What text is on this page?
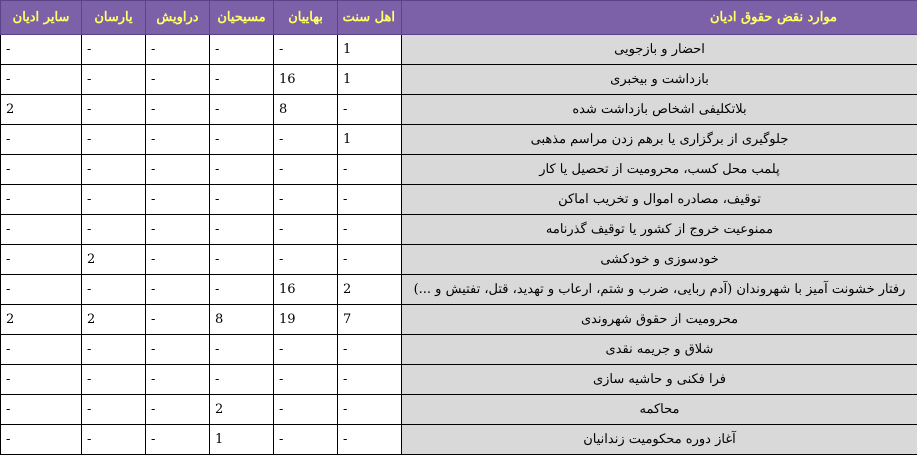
موارد نقض حقوق ادیان	اهل سنت	بهاییان	مسیحیان	دراویش	یارسان	سایر ادیان
احضار و بازجویی	1	-	-	-	-	-
بازداشت و بیخبری	1	16	-	-	-	-
بلاتکلیفی اشخاص بازداشت شده	-	8	-	-	-	2
جلوگیری از برگزاری یا برهم زدن مراسم مذهبی	1	-	-	-	-	-
پلمب محل کسب، محرومیت از تحصیل یا کار	-	-	-	-	-	-
توقیف، مصادره اموال و تخریب اماکن	-	-	-	-	-	-
ممنوعیت خروج از کشور یا توقیف گذرنامه	-	-	-	-	-	-
خودسوزی و خودکشی	-	-	-	-	2	-
رفتار خشونت آمیز با شهروندان (آدم ربایی، ضرب و شتم، ارعاب و تهدید، قتل، تفتیش و ...)	2	16	-	-	-	-
محرومیت از حقوق شهروندی	7	19	8	-	2	2
شلاق و جریمه نقدی	-	-	-	-	-	-
فرا فکنی و حاشیه سازی	-	-	-	-	-	-
محاکمه	-	-	2	-	-	-
آغاز دوره محکومیت زندانیان	-	-	1	-	-	-
